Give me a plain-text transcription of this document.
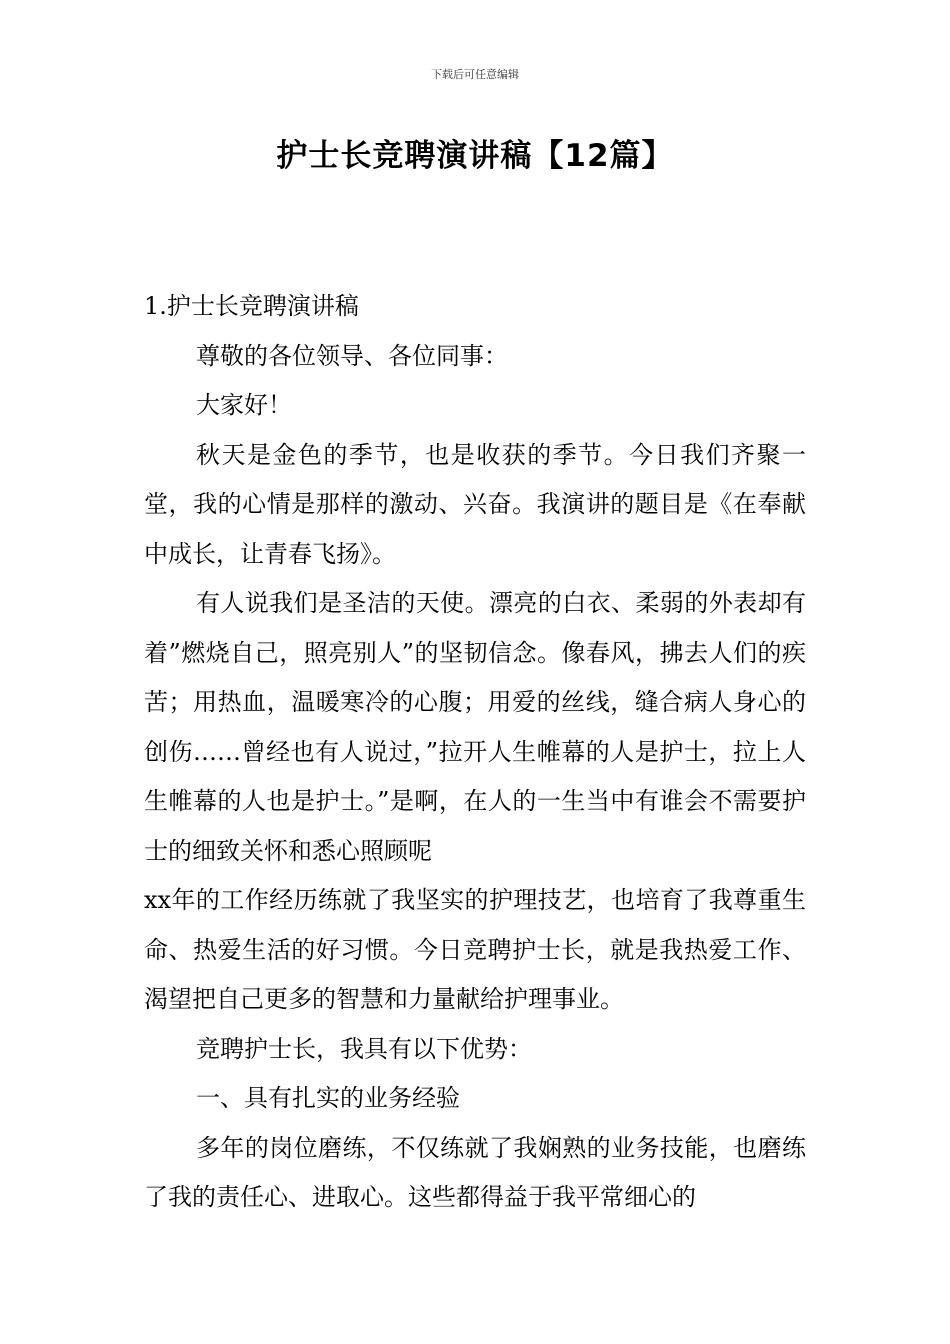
下载后可任意编辑
护士长竞聘演讲稿【12篇】

1.护士长竞聘演讲稿

尊敬的各位领导、各位同事：

大家好！

秋天是金色的季节，也是收获的季节。今日我们齐聚一堂，我的心情是那样的激动、兴奋。我演讲的题目是《在奉献中成长，让青春飞扬》。

有人说我们是圣洁的天使。漂亮的白衣、柔弱的外表却有着”燃烧自己，照亮别人”的坚韧信念。像春风，拂去人们的疾苦；用热血，温暖寒冷的心腹；用爱的丝线，缝合病人身心的创伤……曾经也有人说过，”拉开人生帷幕的人是护士，拉上人生帷幕的人也是护士。”是啊，在人的一生当中有谁会不需要护士的细致关怀和悉心照顾呢

xx年的工作经历练就了我坚实的护理技艺，也培育了我尊重生命、热爱生活的好习惯。今日竞聘护士长，就是我热爱工作、渴望把自己更多的智慧和力量献给护理事业。

竞聘护士长，我具有以下优势：

一、具有扎实的业务经验

多年的岗位磨练，不仅练就了我娴熟的业务技能，也磨练了我的责任心、进取心。这些都得益于我平常细心的
